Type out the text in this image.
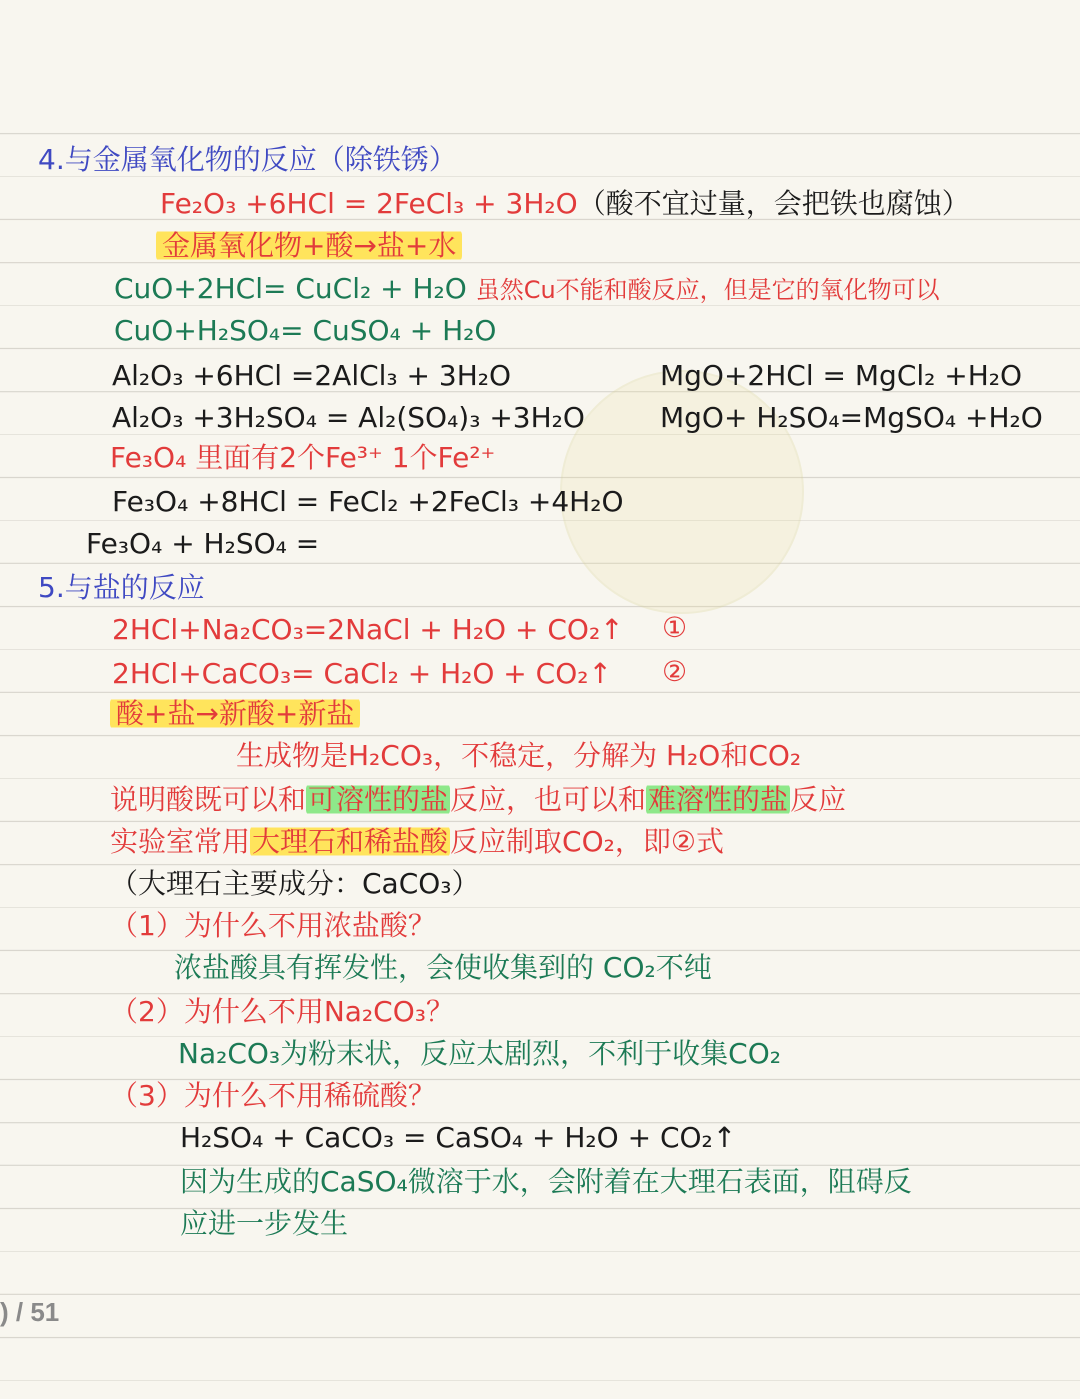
4.与金属氧化物的反应（除铁锈）
Fe₂O₃ +6HCl = 2FeCl₃ + 3H₂O（酸不宜过量，会把铁也腐蚀）
金属氧化物+酸→盐+水
CuO+2HCl= CuCl₂ + H₂O 虽然Cu不能和酸反应，但是它的氧化物可以
CuO+H₂SO₄= CuSO₄ + H₂O
Al₂O₃ +6HCl =2AlCl₃ + 3H₂O	MgO+2HCl = MgCl₂ +H₂O
Al₂O₃ +3H₂SO₄ = Al₂(SO₄)₃ +3H₂O	MgO+ H₂SO₄=MgSO₄ +H₂O
Fe₃O₄ 里面有2个Fe³⁺ 1个Fe²⁺
Fe₃O₄ +8HCl = FeCl₂ +2FeCl₃ +4H₂O
Fe₃O₄ + H₂SO₄ =
5.与盐的反应
2HCl+Na₂CO₃=2NaCl + H₂O + CO₂↑ ①
2HCl+CaCO₃= CaCl₂ + H₂O + CO₂↑ ②
酸+盐→新酸+新盐
生成物是H₂CO₃，不稳定，分解为 H₂O和CO₂
说明酸既可以和可溶性的盐反应，也可以和难溶性的盐反应
实验室常用大理石和稀盐酸反应制取CO₂，即②式
（大理石主要成分：CaCO₃）
（1）为什么不用浓盐酸？
浓盐酸具有挥发性，会使收集到的 CO₂不纯
（2）为什么不用Na₂CO₃？
Na₂CO₃为粉末状，反应太剧烈，不利于收集CO₂
（3）为什么不用稀硫酸？
H₂SO₄ + CaCO₃ = CaSO₄ + H₂O + CO₂↑
因为生成的CaSO₄微溶于水，会附着在大理石表面，阻碍反
应进一步发生
) / 51
